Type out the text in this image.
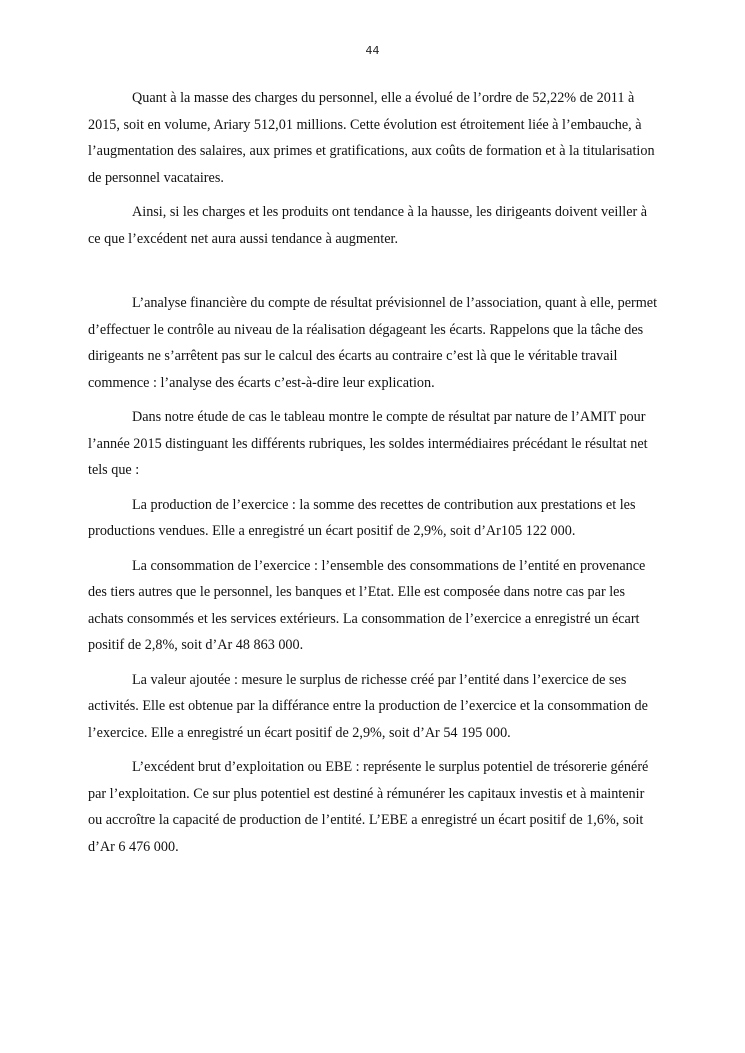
44

Quant à la masse des charges du personnel, elle a évolué de l’ordre de 52,22% de 2011 à 2015, soit en volume, Ariary 512,01 millions. Cette évolution est étroitement liée à l’embauche, à l’augmentation des salaires, aux primes et gratifications, aux coûts de formation et à la titularisation de personnel vacataires.

Ainsi, si les charges et les produits ont tendance à la hausse, les dirigeants doivent veiller à ce que l’excédent net aura aussi tendance à augmenter.

L’analyse financière du compte de résultat prévisionnel de l’association, quant à elle, permet d’effectuer le contrôle au niveau de la réalisation dégageant les écarts. Rappelons que la tâche des dirigeants ne s’arrêtent pas sur le calcul des écarts au contraire c’est là que le véritable travail commence : l’analyse des écarts c’est-à-dire leur explication.

Dans notre étude de cas le tableau montre le compte de résultat par nature de l’AMIT pour l’année 2015 distinguant les différents rubriques, les soldes intermédiaires précédant le résultat net tels que :

La production de l’exercice : la somme des recettes de contribution aux prestations et les productions vendues. Elle a enregistré un écart positif de 2,9%, soit d’Ar105 122 000.

La consommation de l’exercice : l’ensemble des consommations de l’entité en provenance des tiers autres que le personnel, les banques et l’Etat. Elle est composée dans notre cas par les achats consommés et les services extérieurs. La consommation de l’exercice a enregistré un écart positif de 2,8%, soit d’Ar 48 863 000.

La valeur ajoutée : mesure le surplus de richesse créé par l’entité dans l’exercice de ses activités. Elle est obtenue par la différance entre la production de l’exercice et la consommation de l’exercice. Elle a enregistré un écart positif de 2,9%, soit d’Ar 54 195 000.

L’excédent brut d’exploitation ou EBE : représente le surplus potentiel de trésorerie généré par l’exploitation. Ce sur plus potentiel est destiné à rémunérer les capitaux investis et à maintenir ou accroître la capacité de production de l’entité. L’EBE a enregistré un écart positif de 1,6%, soit d’Ar 6 476 000.
